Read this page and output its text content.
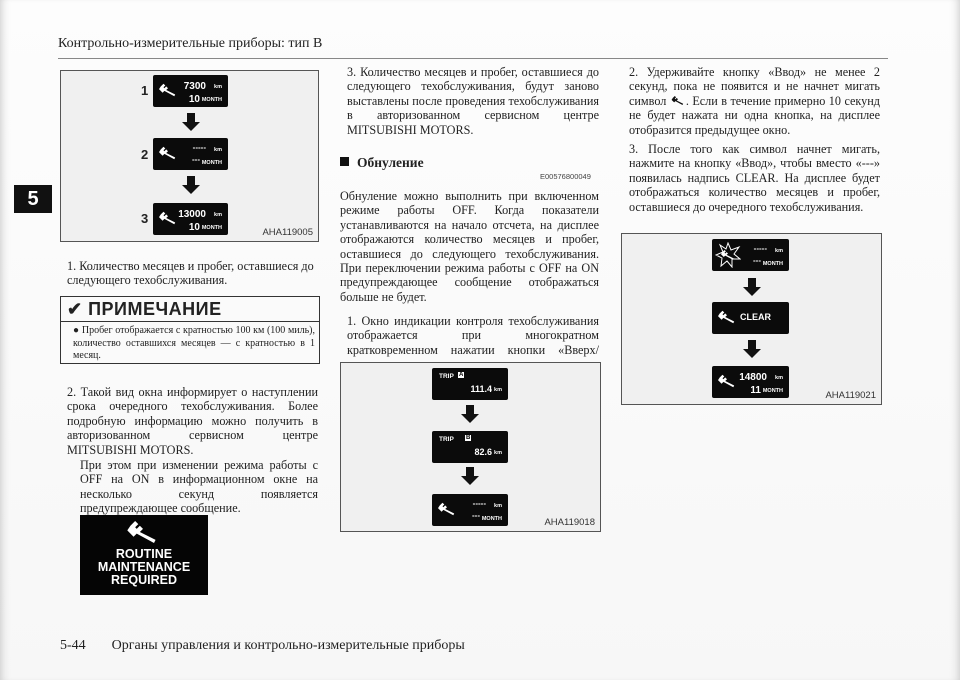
Контрольно-измерительные приборы: тип B
5
1	7300 km
10 MONTH
2	----- km
--- MONTH
3	13000 km
10 MONTH	AHA119005
1. Количество месяцев и пробег, оставшиеся до следующего техобслуживания.
✔ ПРИМЕЧАНИЕ
● Пробег отображается с кратностью 100 км (100 миль), количество оставшихся месяцев — с кратностью в 1 месяц.
2. Такой вид окна информирует о наступлении срока очередного техобслуживания. Более подробную информацию можно получить в авторизованном сервисном центре MITSUBISHI MOTORS.
При этом при изменении режима работы с OFF на ON в информационном окне на несколько секунд появляется предупреждающее сообщение.
ROUTINE MAINTENANCE REQUIRED
3. Количество месяцев и пробег, оставшиеся до следующего техобслуживания, будут заново выставлены после проведения техобслуживания в авторизованном сервисном центре MITSUBISHI MOTORS.
Обнуление
E00576800049
Обнуление можно выполнить при включенном режиме работы OFF. Когда показатели устанавливаются на начало отсчета, на дисплее отображаются количество месяцев и пробег, оставшиеся до следующего техобслуживания. При переключении режима работы с OFF на ON предупреждающее сообщение отображаться больше не будет.
1. Окно индикации контроля техобслуживания отображается при многократном кратковременном нажатии кнопки «Вверх/
TRIP A
111.4 km
TRIP B
82.6 km
----- km
--- MONTH	AHA119018
2. Удерживайте кнопку «Ввод» не менее 2 секунд, пока не появится и не начнет мигать символ . Если в течение примерно 10 секунд не будет нажата ни одна кнопка, на дисплее отобразится предыдущее окно.
3. После того как символ начнет мигать, нажмите на кнопку «Ввод», чтобы вместо «---» появилась надпись CLEAR. На дисплее будет отображаться количество месяцев и пробег, оставшиеся до очередного техобслуживания.
----- km
--- MONTH
CLEAR
14800 km
11 MONTH	AHA119021
5-44 Органы управления и контрольно-измерительные приборы
